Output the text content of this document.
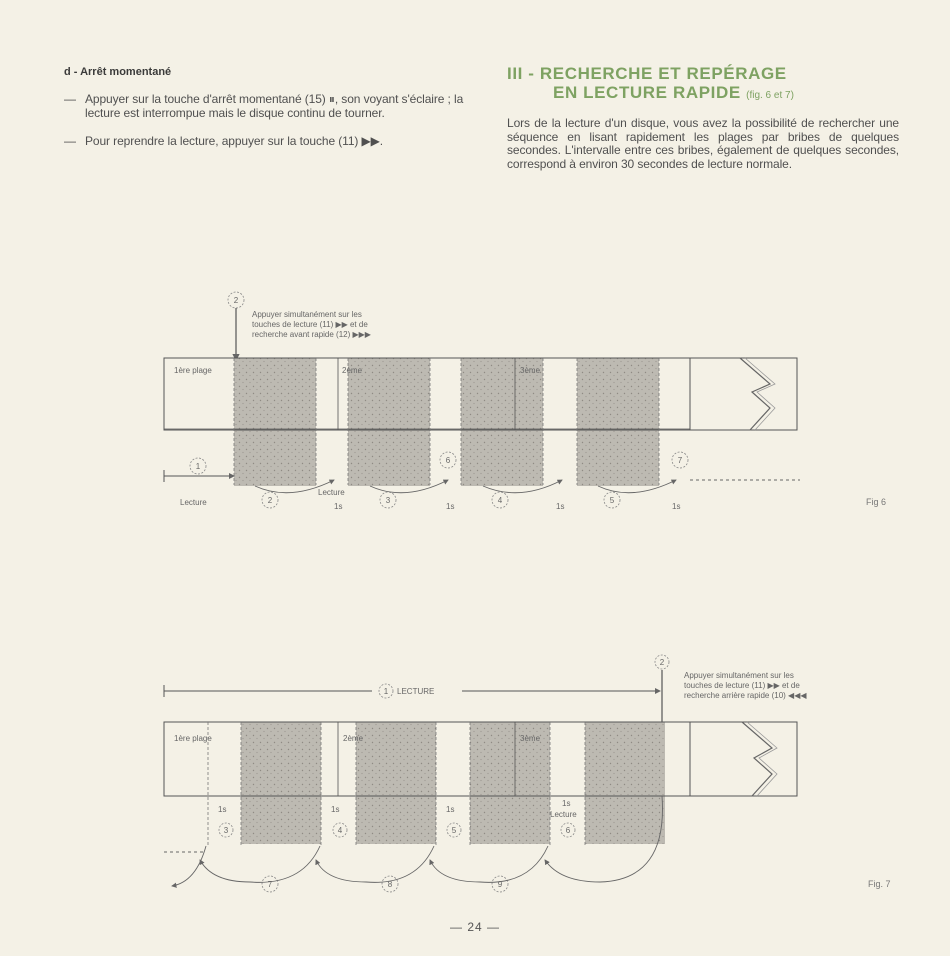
d - Arrêt momentané

— Appuyer sur la touche d'arrêt momentané (15) ⏸, son voyant s'éclaire ; la lecture est interrompue mais le disque continu de tourner.

— Pour reprendre la lecture, appuyer sur la touche (11) ▶▶.

III - RECHERCHE ET REPÉRAGE
EN LECTURE RAPIDE (fig. 6 et 7)

Lors de la lecture d'un disque, vous avez la possibilité de rechercher une séquence en lisant rapidement les plages par bribes de quelques secondes. L'intervalle entre ces bribes, également de quelques secondes, correspond à environ 30 secondes de lecture normale.

2
Appuyer simultanément sur les
touches de lecture (11) ▶▶ et de
recherche avant rapide (12) ▶▶▶
1ère plage	2ème	3ème
Lecture
Lecture
1
2	3	4	5
6	7
1s	1s	1s	1s	Fig 6
1 LECTURE
2
Appuyer simultanément sur les
touches de lecture (11) ▶▶ et de
recherche arrière rapide (10) ◀◀◀
1ère plage	2ème	3ème
1s	1s	1s
1s
Lecture
3	4	5	6
7	8	9	Fig. 7
— 24 —
